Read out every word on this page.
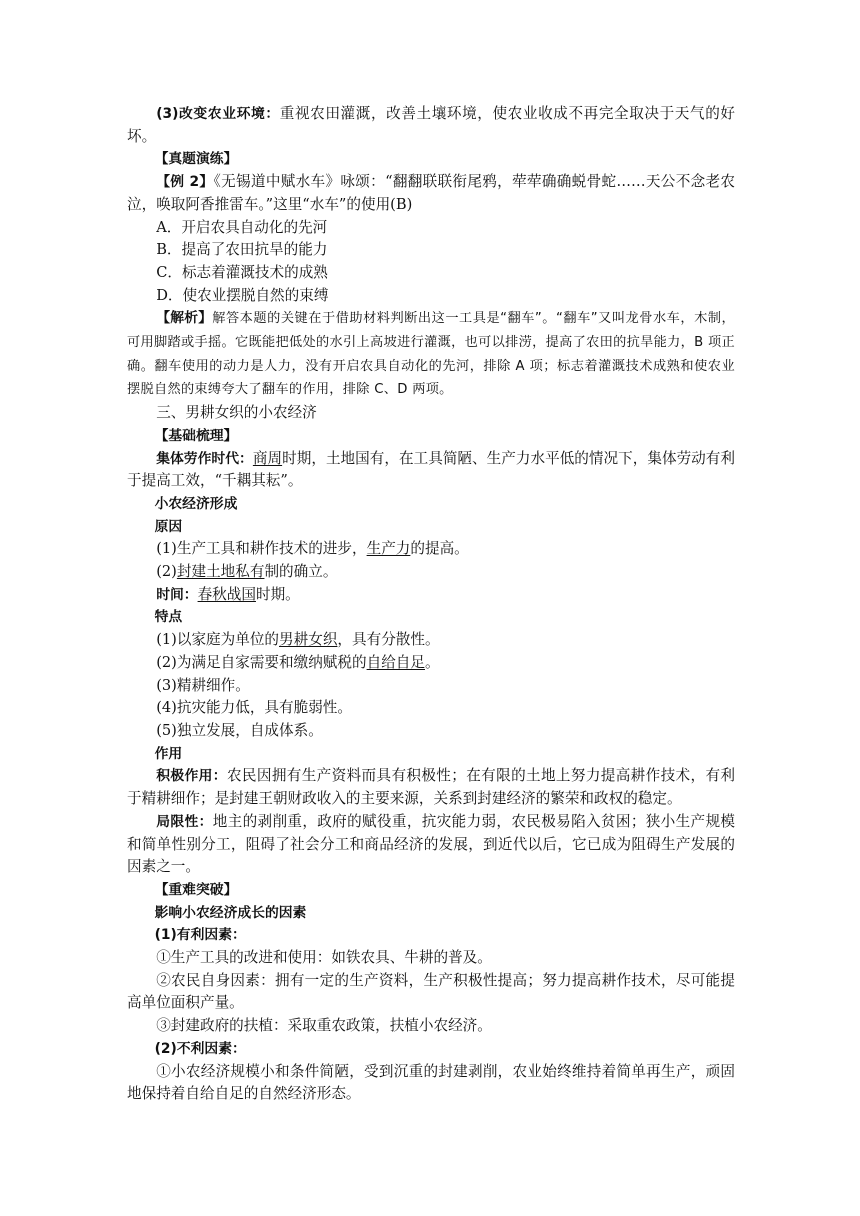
(3)改变农业环境：重视农田灌溉，改善土壤环境，使农业收成不再完全取决于天气的好坏。

【真题演练】

【例 2】《无锡道中赋水车》咏颂：“翻翻联联衔尾鸦，荦荦确确蜕骨蛇……天公不念老农泣，唤取阿香推雷车。”这里“水车”的使用(B)

A．开启农具自动化的先河

B．提高了农田抗旱的能力

C．标志着灌溉技术的成熟

D．使农业摆脱自然的束缚

【解析】解答本题的关键在于借助材料判断出这一工具是“翻车”。“翻车”又叫龙骨水车，木制，可用脚踏或手摇。它既能把低处的水引上高坡进行灌溉，也可以排涝，提高了农田的抗旱能力，B 项正确。翻车使用的动力是人力，没有开启农具自动化的先河，排除 A 项；标志着灌溉技术成熟和使农业摆脱自然的束缚夸大了翻车的作用，排除 C、D 两项。

三、男耕女织的小农经济

【基础梳理】

集体劳作时代：商周时期，土地国有，在工具简陋、生产力水平低的情况下，集体劳动有利于提高工效，“千耦其耘”。

小农经济形成

原因

(1)生产工具和耕作技术的进步，生产力的提高。

(2)封建土地私有制的确立。

时间：春秋战国时期。

特点

(1)以家庭为单位的男耕女织，具有分散性。

(2)为满足自家需要和缴纳赋税的自给自足。

(3)精耕细作。

(4)抗灾能力低，具有脆弱性。

(5)独立发展，自成体系。

作用

积极作用：农民因拥有生产资料而具有积极性；在有限的土地上努力提高耕作技术，有利于精耕细作；是封建王朝财政收入的主要来源，关系到封建经济的繁荣和政权的稳定。

局限性：地主的剥削重，政府的赋役重，抗灾能力弱，农民极易陷入贫困；狭小生产规模和简单性别分工，阻碍了社会分工和商品经济的发展，到近代以后，它已成为阻碍生产发展的因素之一。

【重难突破】

影响小农经济成长的因素

(1)有利因素：

①生产工具的改进和使用：如铁农具、牛耕的普及。

②农民自身因素：拥有一定的生产资料，生产积极性提高；努力提高耕作技术，尽可能提高单位面积产量。

③封建政府的扶植：采取重农政策，扶植小农经济。

(2)不利因素：

①小农经济规模小和条件简陋，受到沉重的封建剥削，农业始终维持着简单再生产，顽固地保持着自给自足的自然经济形态。
